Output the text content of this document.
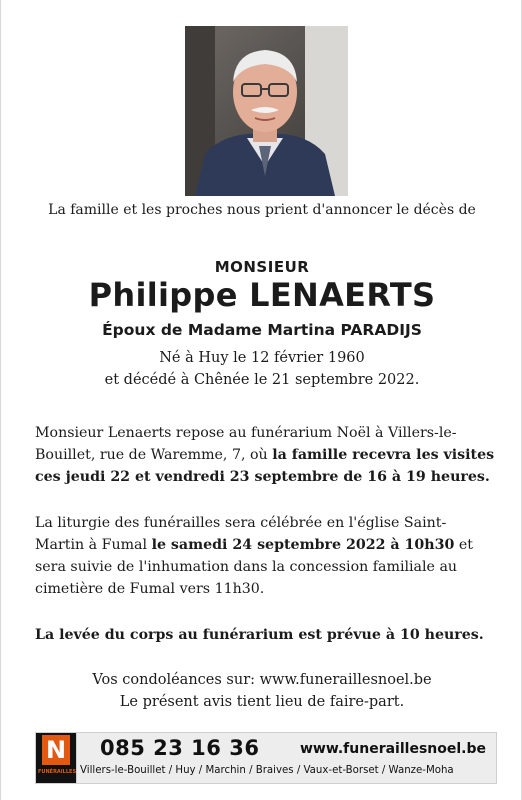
La famille et les proches nous prient d'annoncer le décès de
MONSIEUR
Philippe LENAERTS
Époux de Madame Martina PARADIJS
Né à Huy le 12 février 1960
et décédé à Chênée le 21 septembre 2022.
Monsieur Lenaerts repose au funérarium Noël à Villers-le-Bouillet, rue de Waremme, 7, où la famille recevra les visites ces jeudi 22 et vendredi 23 septembre de 16 à 19 heures.
La liturgie des funérailles sera célébrée en l'église Saint-Martin à Fumal le samedi 24 septembre 2022 à 10h30 et sera suivie de l'inhumation dans la concession familiale au cimetière de Fumal vers 11h30.
La levée du corps au funérarium est prévue à 10 heures.
Vos condoléances sur: www.funeraillesnoel.be
Le présent avis tient lieu de faire-part.
N
FUNÉRAILLES
085 23 16 36	www.funeraillesnoel.be
Villers-le-Bouillet / Huy / Marchin / Braives / Vaux-et-Borset / Wanze-Moha
